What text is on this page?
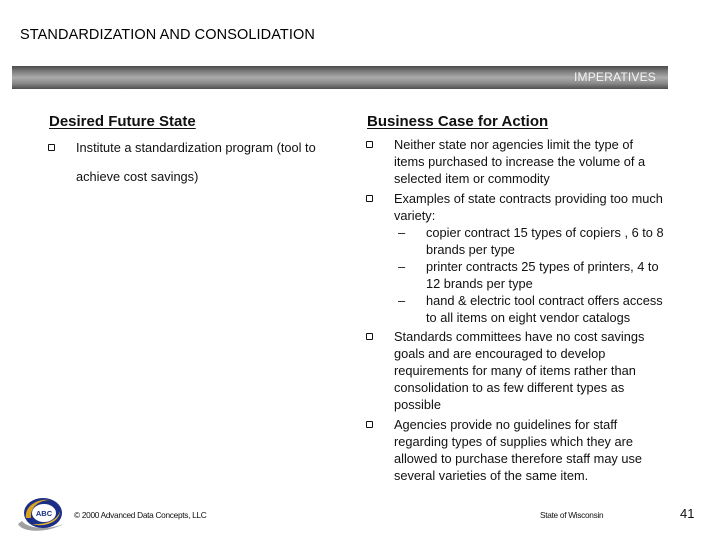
STANDARDIZATION AND CONSOLIDATION
IMPERATIVES
Desired Future State
Institute a standardization program (tool to
achieve cost savings)
Business Case for Action
Neither state nor agencies limit the type of items purchased to increase the volume of a selected item or commodity
Examples of state contracts providing too much variety:
– copier contract 15 types of copiers , 6 to 8 brands per type
– printer contracts 25 types of printers, 4 to 12 brands per type
– hand & electric tool contract offers access to all items on eight vendor catalogs
Standards committees have no cost savings goals and are encouraged to develop requirements for many of items rather than consolidation to as few different types as possible
Agencies provide no guidelines for staff regarding types of supplies which they are allowed to purchase therefore staff may use several varieties of the same item.
ABC	© 2000 Advanced Data Concepts, LLC	State of Wisconsin	41
